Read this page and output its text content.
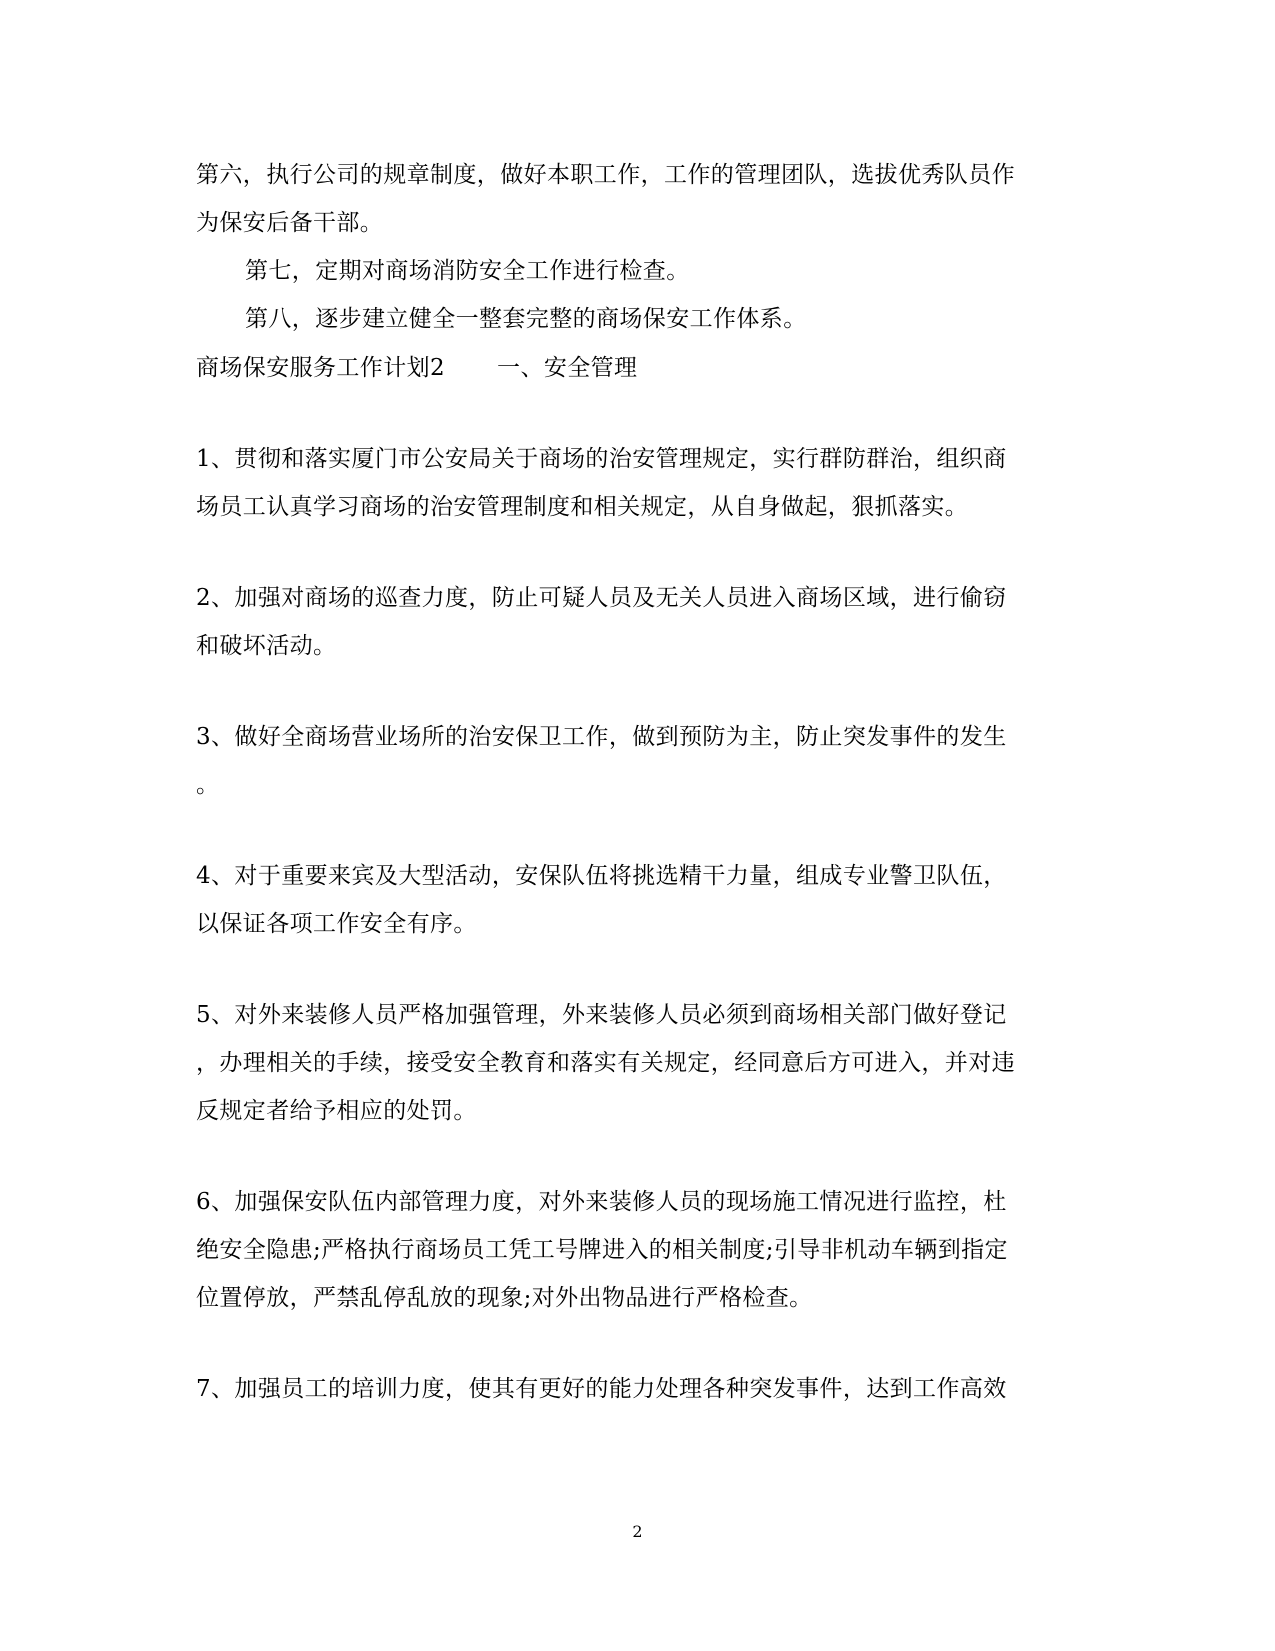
第六，执行公司的规章制度，做好本职工作，工作的管理团队，选拔优秀队员作
为保安后备干部。
第七，定期对商场消防安全工作进行检查。
第八，逐步建立健全一整套完整的商场保安工作体系。
商场保安服务工作计划2 一、安全管理
1、贯彻和落实厦门市公安局关于商场的治安管理规定，实行群防群治，组织商
场员工认真学习商场的治安管理制度和相关规定，从自身做起，狠抓落实。
2、加强对商场的巡查力度，防止可疑人员及无关人员进入商场区域，进行偷窃
和破坏活动。
3、做好全商场营业场所的治安保卫工作，做到预防为主，防止突发事件的发生
。
4、对于重要来宾及大型活动，安保队伍将挑选精干力量，组成专业警卫队伍，
以保证各项工作安全有序。
5、对外来装修人员严格加强管理，外来装修人员必须到商场相关部门做好登记
，办理相关的手续，接受安全教育和落实有关规定，经同意后方可进入，并对违
反规定者给予相应的处罚。
6、加强保安队伍内部管理力度，对外来装修人员的现场施工情况进行监控，杜
绝安全隐患;严格执行商场员工凭工号牌进入的相关制度;引导非机动车辆到指定
位置停放，严禁乱停乱放的现象;对外出物品进行严格检查。
7、加强员工的培训力度，使其有更好的能力处理各种突发事件，达到工作高效
2
